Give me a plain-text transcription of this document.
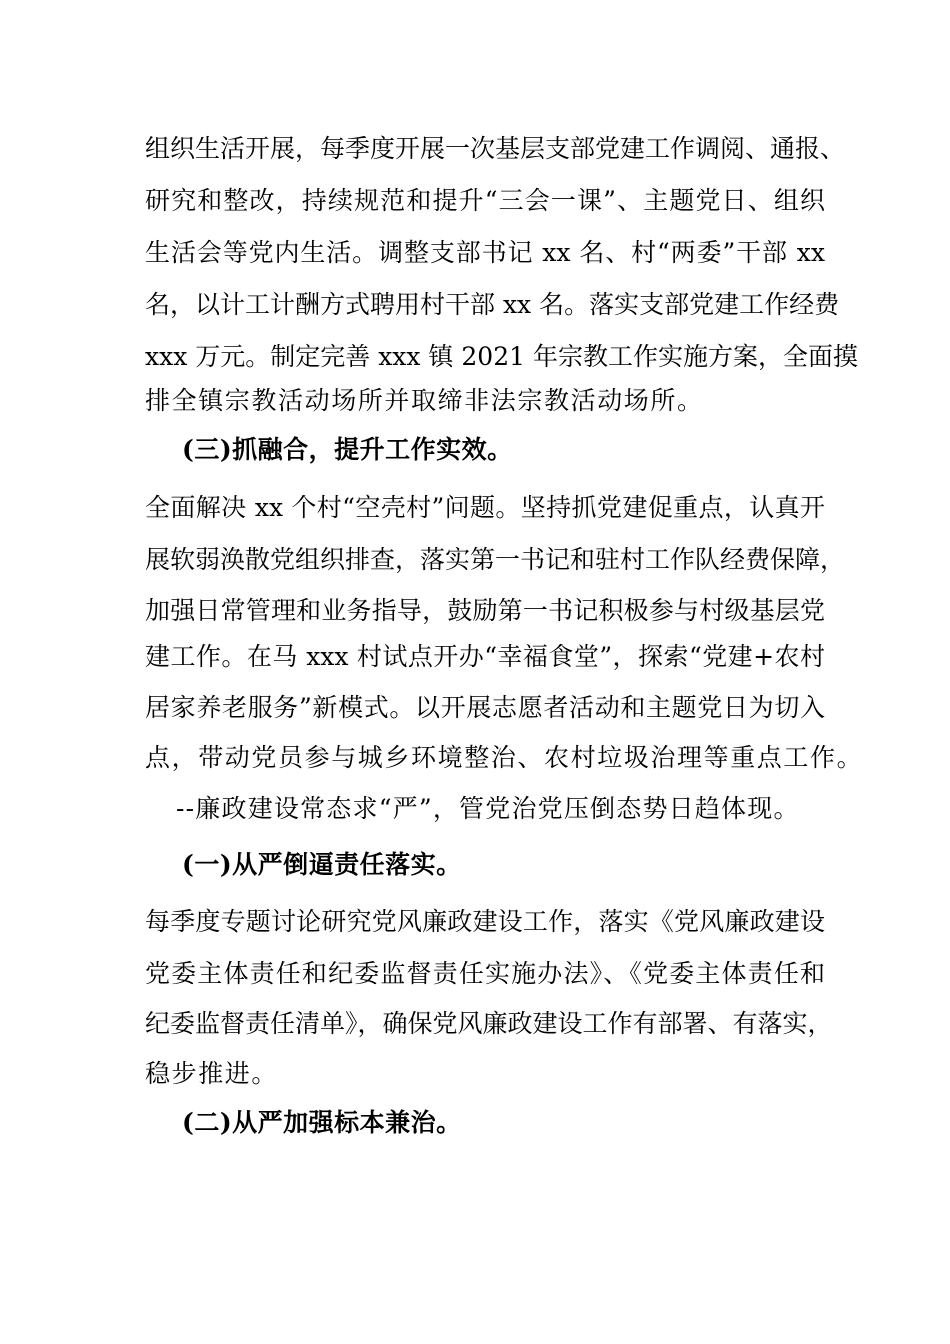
组织生活开展，每季度开展一次基层支部党建工作调阅、通报、
研究和整改，持续规范和提升“三会一课”、主题党日、组织
生活会等党内生活。调整支部书记 xx 名、村“两委”干部 xx
名，以计工计酬方式聘用村干部 xx 名。落实支部党建工作经费
xxx 万元。制定完善 xxx 镇 2021 年宗教工作实施方案，全面摸
排全镇宗教活动场所并取缔非法宗教活动场所。
(三)抓融合，提升工作实效。
全面解决 xx 个村“空壳村”问题。坚持抓党建促重点，认真开
展软弱涣散党组织排查，落实第一书记和驻村工作队经费保障，
加强日常管理和业务指导，鼓励第一书记积极参与村级基层党
建工作。在马 xxx 村试点开办“幸福食堂”，探索“党建+农村
居家养老服务”新模式。以开展志愿者活动和主题党日为切入
点，带动党员参与城乡环境整治、农村垃圾治理等重点工作。
--廉政建设常态求“严”，管党治党压倒态势日趋体现。
(一)从严倒逼责任落实。
每季度专题讨论研究党风廉政建设工作，落实《党风廉政建设
党委主体责任和纪委监督责任实施办法》、《党委主体责任和
纪委监督责任清单》，确保党风廉政建设工作有部署、有落实，
稳步推进。
(二)从严加强标本兼治。
